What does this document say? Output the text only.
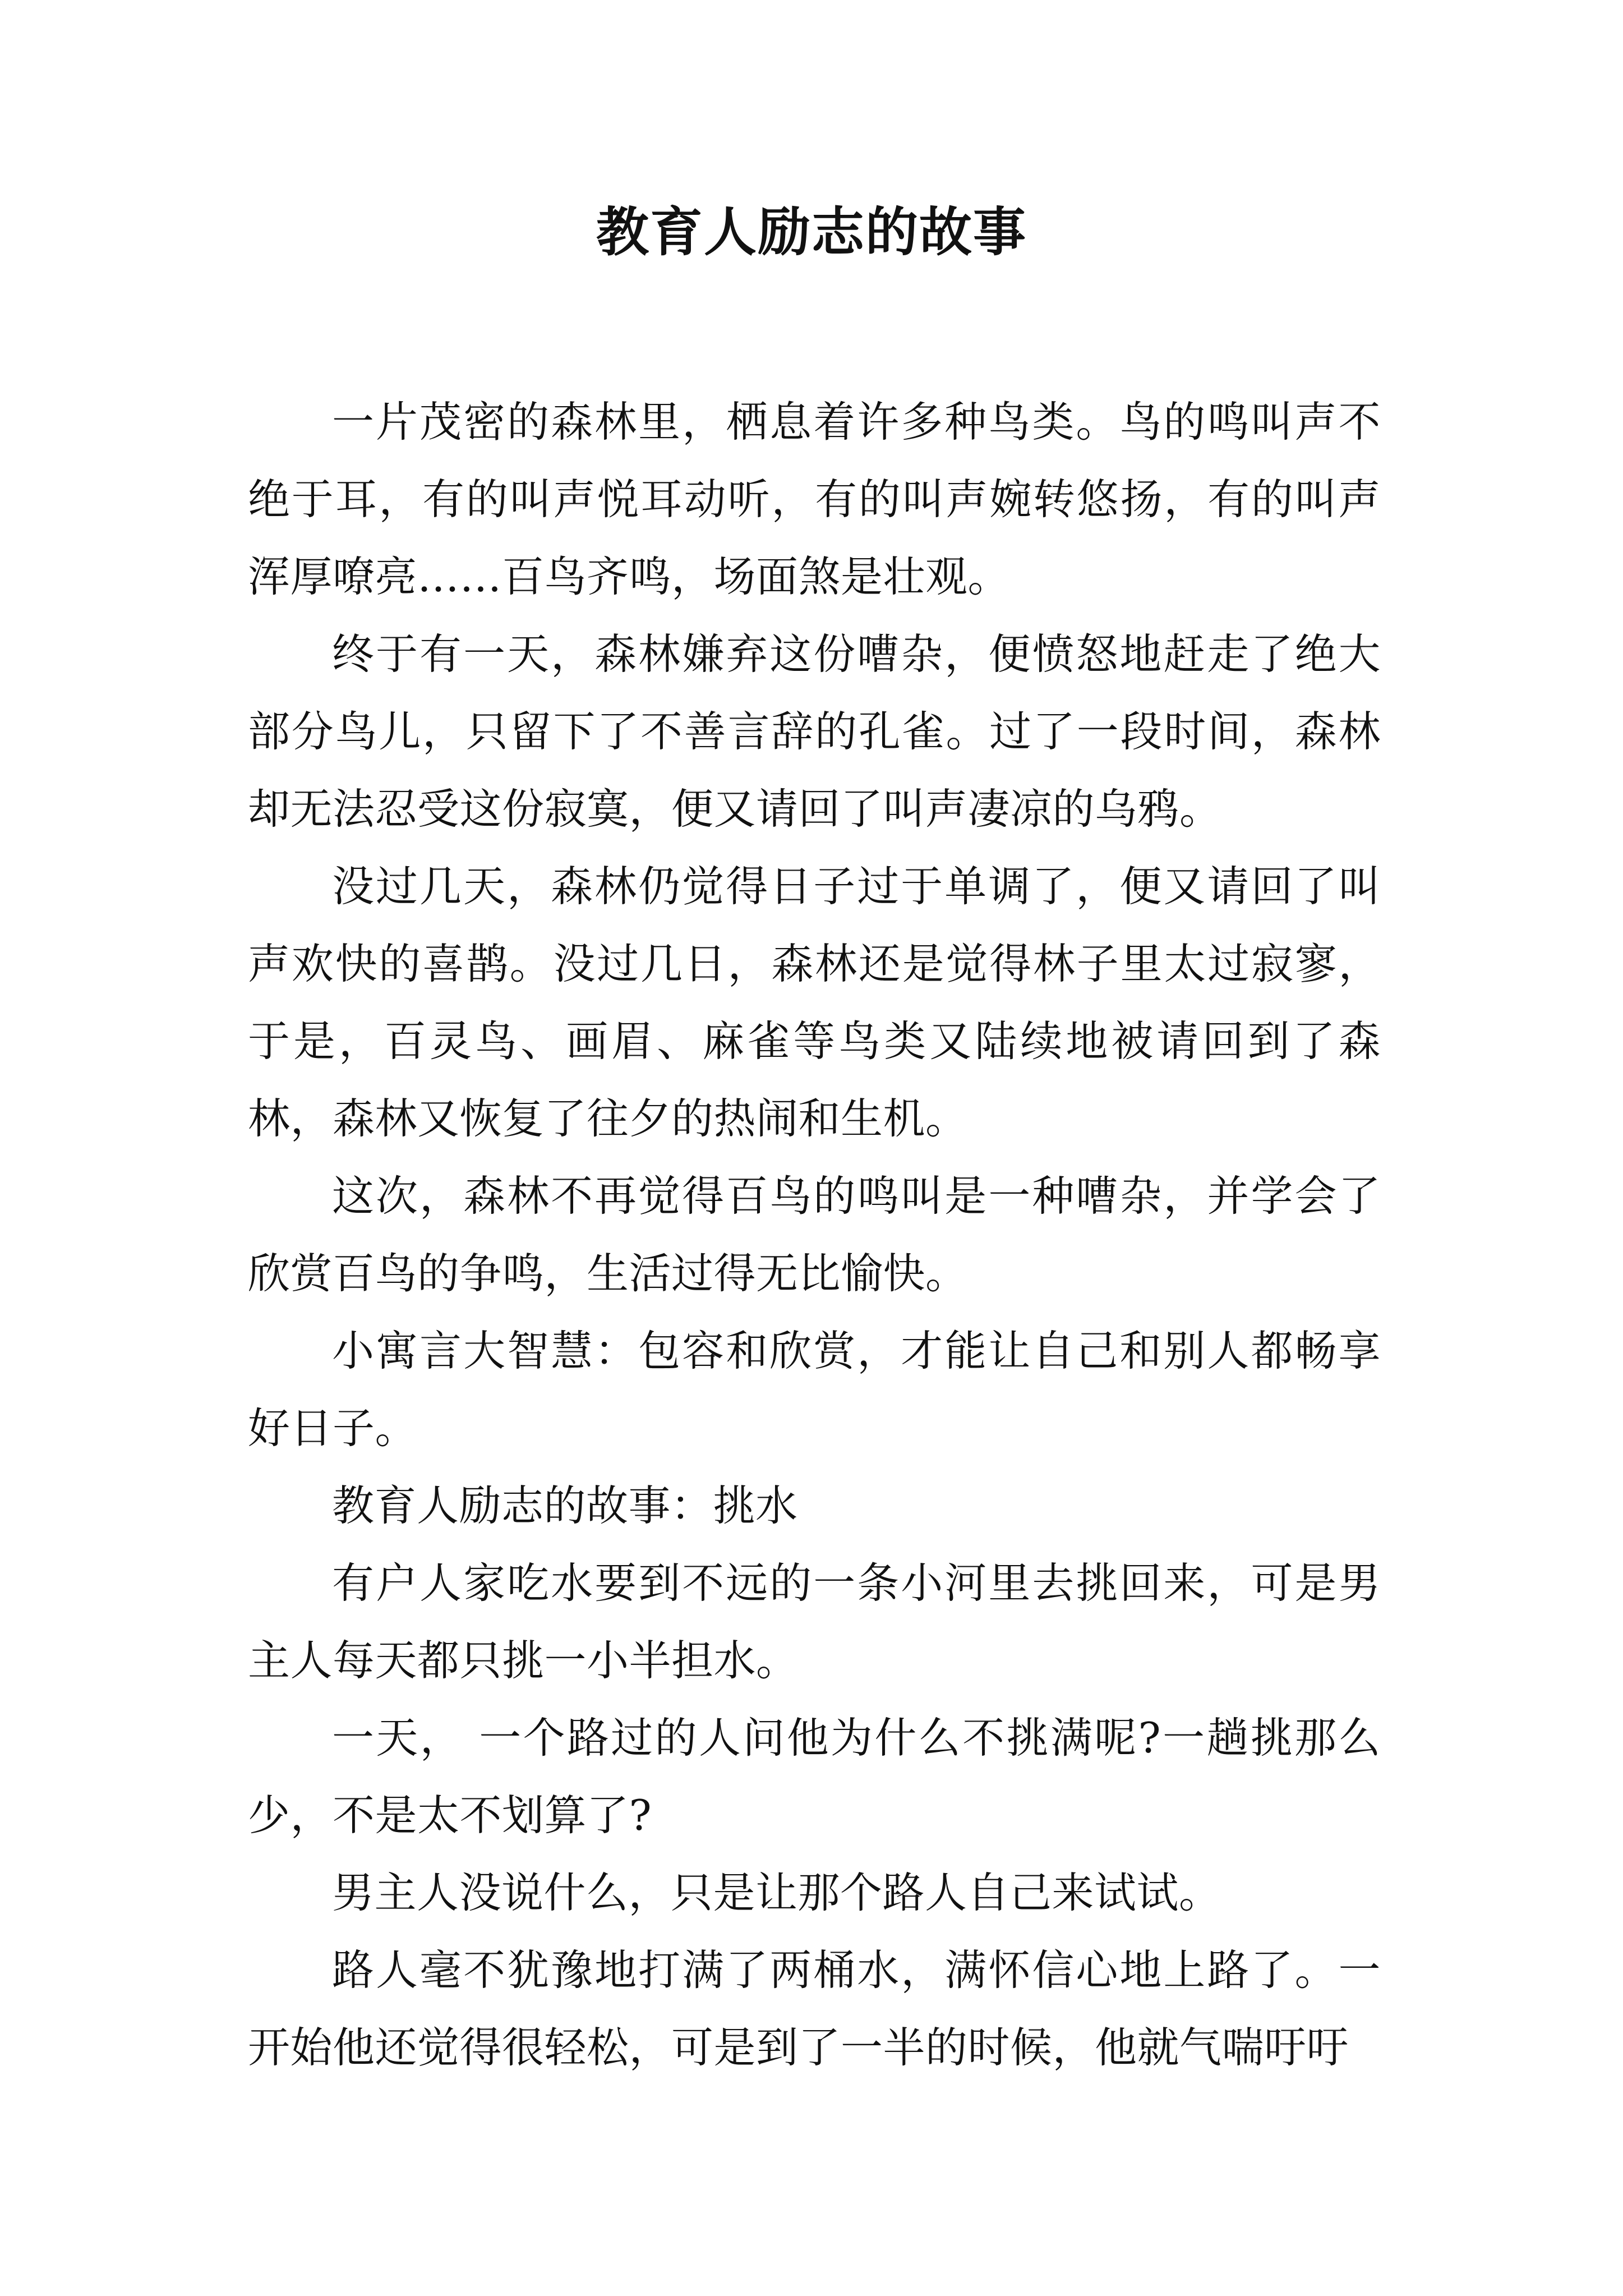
教育人励志的故事

一片茂密的森林里，栖息着许多种鸟类。鸟的鸣叫声不绝于耳，有的叫声悦耳动听，有的叫声婉转悠扬，有的叫声浑厚嘹亮……百鸟齐鸣，场面煞是壮观。

终于有一天，森林嫌弃这份嘈杂，便愤怒地赶走了绝大部分鸟儿，只留下了不善言辞的孔雀。过了一段时间，森林却无法忍受这份寂寞，便又请回了叫声凄凉的乌鸦。

没过几天，森林仍觉得日子过于单调了，便又请回了叫声欢快的喜鹊。没过几日，森林还是觉得林子里太过寂寥，于是，百灵鸟、画眉、麻雀等鸟类又陆续地被请回到了森林，森林又恢复了往夕的热闹和生机。

这次，森林不再觉得百鸟的鸣叫是一种嘈杂，并学会了欣赏百鸟的争鸣，生活过得无比愉快。

小寓言大智慧：包容和欣赏，才能让自己和别人都畅享好日子。

教育人励志的故事：挑水

有户人家吃水要到不远的一条小河里去挑回来，可是男主人每天都只挑一小半担水。

一天， 一个路过的人问他为什么不挑满呢?一趟挑那么少，不是太不划算了?

男主人没说什么，只是让那个路人自己来试试。

路人毫不犹豫地打满了两桶水，满怀信心地上路了。一开始他还觉得很轻松，可是到了一半的时候，他就气喘吁吁
